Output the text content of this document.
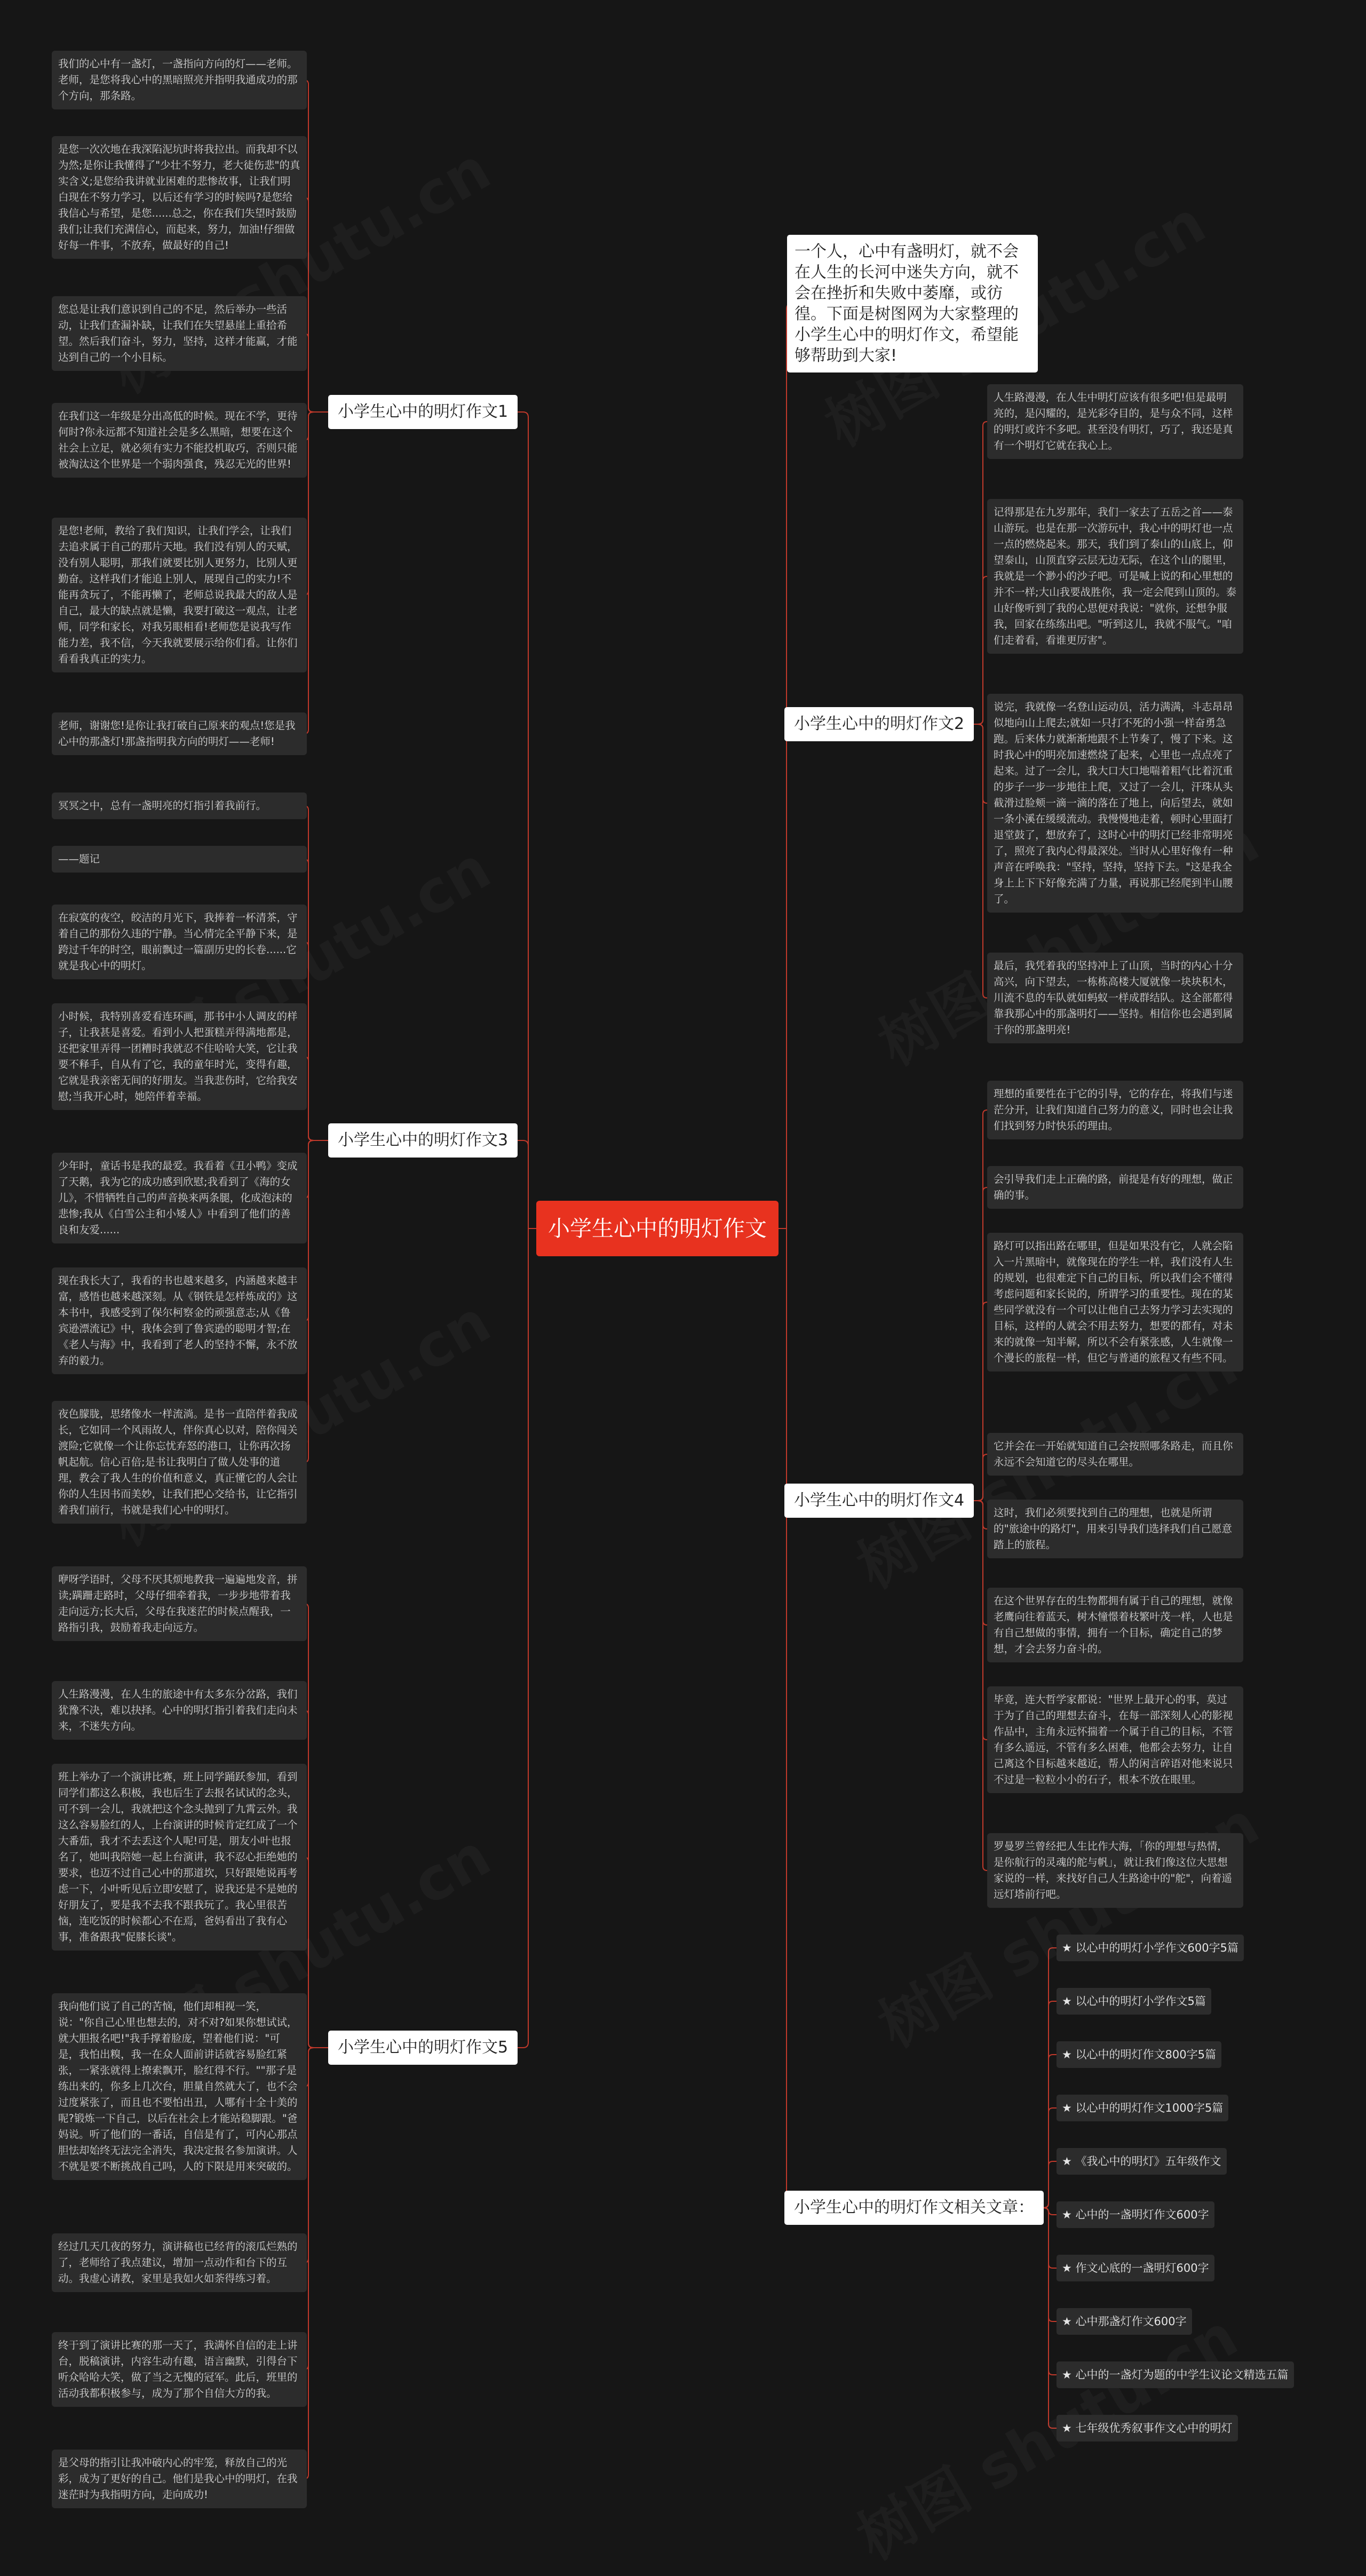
小学生心中的明灯作文
一个人，心中有盏明灯，就不会在人生的长河中迷失方向，就不会在挫折和失败中萎靡，或彷徨。下面是树图网为大家整理的小学生心中的明灯作文，希望能够帮助到大家!
小学生心中的明灯作文1
我们的心中有一盏灯，一盏指向方向的灯——老师。老师，是您将我心中的黑暗照亮并指明我通成功的那个方向，那条路。
是您一次次地在我深陷泥坑时将我拉出。而我却不以为然;是你让我懂得了"少壮不努力，老大徒伤悲"的真实含义;是您给我讲就业困难的悲惨故事，让我们明白现在不努力学习，以后还有学习的时候吗?是您给我信心与希望，是您......总之，你在我们失望时鼓励我们;让我们充满信心，而起来，努力，加油!仔细做好每一件事，不放弃，做最好的自己!
您总是让我们意识到自己的不足，然后举办一些活动，让我们查漏补缺，让我们在失望悬崖上重拾希望。然后我们奋斗，努力，坚持，这样才能赢，才能达到自己的一个小目标。
在我们这一年级是分出高低的时候。现在不学，更待何时?你永远都不知道社会是多么黑暗，想要在这个社会上立足，就必须有实力不能投机取巧，否则只能被淘汰这个世界是一个弱肉强食，残忍无光的世界!
是您!老师，教给了我们知识，让我们学会，让我们去追求属于自己的那片天地。我们没有别人的天赋，没有别人聪明，那我们就要比别人更努力，比别人更勤奋。这样我们才能追上别人，展现自己的实力!不能再贪玩了，不能再懒了，老师总说我最大的敌人是自己，最大的缺点就是懒，我要打破这一观点，让老师，同学和家长，对我另眼相看!老师您是说我写作能力差，我不信，今天我就要展示给你们看。让你们看看我真正的实力。
老师，谢谢您!是你让我打破自己原来的观点!您是我心中的那盏灯!那盏指明我方向的明灯——老师!
小学生心中的明灯作文3
冥冥之中，总有一盏明亮的灯指引着我前行。
——题记
在寂寞的夜空，皎洁的月光下，我捧着一杯清茶，守着自己的那份久违的宁静。当心情完全平静下来，是跨过千年的时空，眼前飘过一篇副历史的长卷......它就是我心中的明灯。
小时候，我特别喜爱看连环画，那书中小人调皮的样子，让我甚是喜爱。看到小人把蛋糕弄得满地都是，还把家里弄得一团糟时我就忍不住哈哈大笑，它让我要不释手，自从有了它，我的童年时光，变得有趣，它就是我亲密无间的好朋友。当我悲伤时，它给我安慰;当我开心时，她陪伴着幸福。
少年时，童话书是我的最爱。我看着《丑小鸭》变成了天鹅，我为它的成功感到欣慰;我看到了《海的女儿》，不惜牺牲自己的声音换来两条腿，化成泡沫的悲惨;我从《白雪公主和小矮人》中看到了他们的善良和友爱......
现在我长大了，我看的书也越来越多，内涵越来越丰富，感悟也越来越深刻。从《钢铁是怎样炼成的》这本书中，我感受到了保尔柯察金的顽强意志;从《鲁宾逊漂流记》中，我体会到了鲁宾逊的聪明才智;在《老人与海》中，我看到了老人的坚持不懈，永不放弃的毅力。
夜色朦胧，思绪像水一样流淌。是书一直陪伴着我成长，它如同一个风雨故人，伴你真心以对，陪你闯关渡险;它就像一个让你忘忧弃怒的港口，让你再次扬帆起航。信心百倍;是书让我明白了做人处事的道理，教会了我人生的价值和意义，真正懂它的人会让你的人生因书而美妙，让我们把心交给书，让它指引着我们前行，书就是我们心中的明灯。
小学生心中的明灯作文5
咿呀学语时，父母不厌其烦地教我一遍遍地发音，拼读;蹒跚走路时，父母仔细牵着我，一步步地带着我走向远方;长大后，父母在我迷茫的时候点醒我，一路指引我，鼓励着我走向远方。
人生路漫漫，在人生的旅途中有太多东分岔路，我们犹豫不决，难以抉择。心中的明灯指引着我们走向未来，不迷失方向。
班上举办了一个演讲比赛，班上同学踊跃参加，看到同学们都这么积极，我也后生了去报名试试的念头，可不到一会儿，我就把这个念头抛到了九霄云外。我这么容易脸红的人，上台演讲的时候肯定红成了一个大番茄，我才不去丢这个人呢!可是，朋友小叶也报名了，她叫我陪她一起上台演讲，我不忍心拒绝她的要求，也迈不过自己心中的那道坎，只好跟她说再考虑一下，小叶听见后立即安慰了，说我还是不是她的好朋友了，要是我不去我不跟我玩了。我心里很苦恼，连吃饭的时候都心不在焉，爸妈看出了我有心事，准备跟我"促膝长谈"。
我向他们说了自己的苦恼，他们却相视一笑，说："你自己心里也想去的，对不对?如果你想试试，就大胆报名吧!"我手撑着脸庞，望着他们说："可是，我怕出糗，我一在众人面前讲话就容易脸红紧张，一紧张就得上撩索飘开，脸红得不行。""那子是练出来的，你多上几次台，胆量自然就大了，也不会过度紧张了，而且也不要怕出丑，人哪有十全十美的呢?锻炼一下自己，以后在社会上才能站稳脚跟。"爸妈说。听了他们的一番话，自信是有了，可内心那点胆怯却始终无法完全消失，我决定报名参加演讲。人不就是要不断挑战自己吗，人的下限是用来突破的。
经过几天几夜的努力，演讲稿也已经背的滚瓜烂熟的了，老师给了我点建议，增加一点动作和台下的互动。我虚心请教，家里是我如火如荼得练习着。
终于到了演讲比赛的那一天了，我满怀自信的走上讲台，脱稿演讲，内容生动有趣，语言幽默，引得台下听众哈哈大笑，做了当之无愧的冠军。此后，班里的活动我都积极参与，成为了那个自信大方的我。
是父母的指引让我冲破内心的牢笼，释放自己的光彩，成为了更好的自己。他们是我心中的明灯，在我迷茫时为我指明方向，走向成功!
小学生心中的明灯作文2
人生路漫漫，在人生中明灯应该有很多吧!但是最明亮的，是闪耀的，是光彩夺目的，是与众不同，这样的明灯或许不多吧。甚至没有明灯，巧了，我还是真有一个明灯它就在我心上。
记得那是在九岁那年，我们一家去了五岳之首——泰山游玩。也是在那一次游玩中，我心中的明灯也一点一点的燃烧起来。那天，我们到了泰山的山底上，仰望泰山，山顶直穿云层无边无际，在这个山的腿里，我就是一个渺小的沙子吧。可是喊上说的和心里想的并不一样;大山我要战胜你，我一定会爬到山顶的。泰山好像听到了我的心思便对我说："就你，还想争服我，回家在练练出吧。"听到这儿，我就不服气。"咱们走着看，看谁更厉害"。
说完，我就像一名登山运动员，活力满满，斗志昂昂似地向山上爬去;就如一只打不死的小强一样奋勇急跑。后来体力就渐渐地跟不上节奏了，慢了下来。这时我心中的明亮加速燃烧了起来，心里也一点点亮了起来。过了一会儿，我大口大口地喘着粗气比着沉重的步子一步一步地往上爬，又过了一会儿，汗珠从头截滑过脸颊一滴一滴的落在了地上，向后望去，就如一条小溪在缓缓流动。我慢慢地走着，顿时心里面打退堂鼓了，想放弃了，这时心中的明灯已经非常明亮了，照亮了我内心得最深处。当时从心里好像有一种声音在呼唤我："坚持，坚持，坚持下去。"这是我全身上上下下好像充满了力量，再说那已经爬到半山腰了。
最后，我凭着我的坚持冲上了山顶，当时的内心十分高兴，向下望去，一栋栋高楼大厦就像一块块积木，川流不息的车队就如蚂蚁一样成群结队。这全部都得靠我那心中的那盏明灯——坚持。相信你也会遇到属于你的那盏明亮!
小学生心中的明灯作文4
理想的重要性在于它的引导，它的存在，将我们与迷茫分开，让我们知道自己努力的意义，同时也会让我们找到努力时快乐的理由。
会引导我们走上正确的路，前提是有好的理想，做正确的事。
路灯可以指出路在哪里，但是如果没有它，人就会陷入一片黑暗中，就像现在的学生一样，我们没有人生的规划，也很难定下自己的目标，所以我们会不懂得考虑问题和家长说的，所谓学习的重要性。现在的某些同学就没有一个可以让他自己去努力学习去实现的目标，这样的人就会不用去努力，想要的都有，对未来的就像一知半解，所以不会有紧张感，人生就像一个漫长的旅程一样，但它与普通的旅程又有些不同。
它并会在一开始就知道自己会按照哪条路走，而且你永远不会知道它的尽头在哪里。
这时，我们必须要找到自己的理想，也就是所谓的"旅途中的路灯"，用来引导我们选择我们自己愿意踏上的旅程。
在这个世界存在的生物都拥有属于自己的理想，就像老鹰向往着蓝天，树木憧憬着枝繁叶茂一样，人也是有自己想做的事情，拥有一个目标，确定自己的梦想，才会去努力奋斗的。
毕竟，连大哲学家都说："世界上最开心的事，莫过于为了自己的理想去奋斗，在每一部深刻人心的影视作品中，主角永远怀揣着一个属于自己的目标，不管有多么遥远，不管有多么困难，他都会去努力，让自己离这个目标越来越近，帮人的闲言碎语对他来说只不过是一粒粒小小的石子，根本不放在眼里。
罗曼罗兰曾经把人生比作大海，「你的理想与热情，是你航行的灵魂的舵与帆」，就让我们像这位大思想家说的一样，来找好自己人生路途中的"舵"，向着遥远灯塔前行吧。
小学生心中的明灯作文相关文章：
★ 以心中的明灯小学作文600字5篇
★ 以心中的明灯小学作文5篇
★ 以心中的明灯作文800字5篇
★ 以心中的明灯作文1000字5篇
★ 《我心中的明灯》五年级作文
★ 心中的一盏明灯作文600字
★ 作文心底的一盏明灯600字
★ 心中那盏灯作文600字
★ 心中的一盏灯为题的中学生议论文精选五篇
★ 七年级优秀叙事作文心中的明灯
